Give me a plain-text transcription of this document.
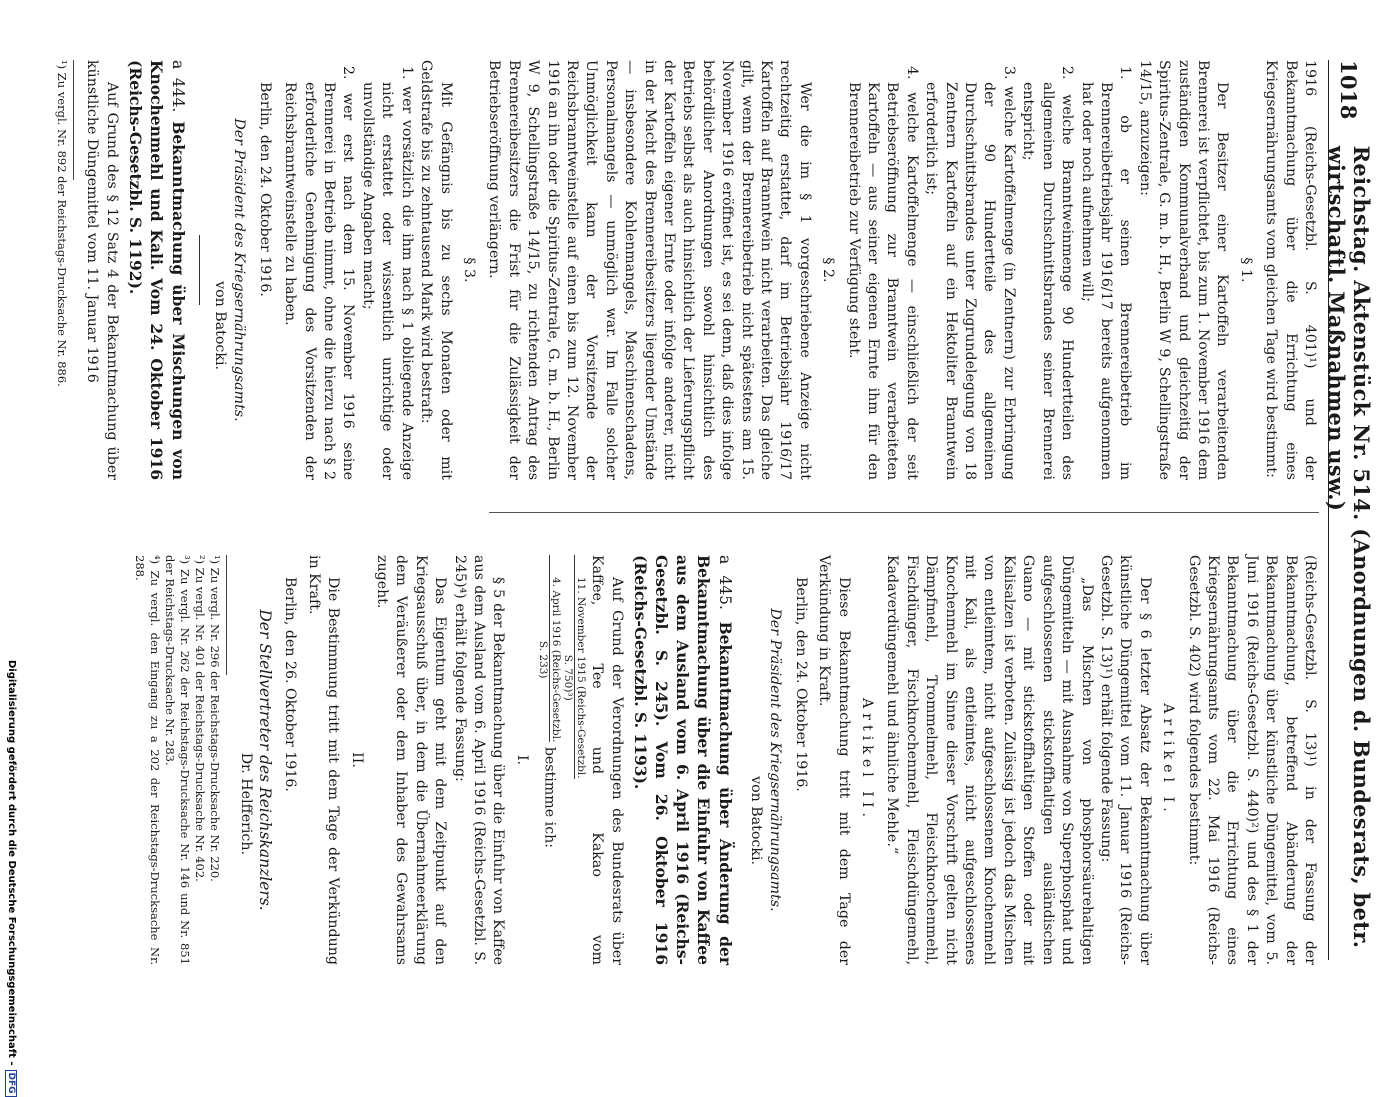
1018
Reichstag. Aktenstück Nr. 514. (Anordnungen d. Bundesrats, betr. wirtschaftl. Maßnahmen usw.)

1916 (Reichs-Gesetzbl. S. 401)¹) und der Bekanntmachung über die Errichtung eines Kriegsernährungsamts vom gleichen Tage wird bestimmt:

§ 1.

Der Besitzer einer Kartoffeln verarbeitenden Brennerei ist verpflichtet, bis zum 1. November 1916 dem zuständigen Kommunalverband und gleichzeitig der Spiritus-Zentrale, G. m. b. H., Berlin W 9, Schellingstraße 14/15, anzuzeigen:

1. ob er seinen Brennereibetrieb im Brennereibetriebsjahr 1916/17 bereits aufgenommen hat oder noch aufnehmen will;

2. welche Branntweinmenge 90 Hundertteilen des allgemeinen Durchschnittsbrandes seiner Brennerei entspricht;

3. welche Kartoffelmenge (in Zentnern) zur Erbringung der 90 Hundertteile des allgemeinen Durchschnittsbrandes unter Zugrundelegung von 18 Zentnern Kartoffeln auf ein Hektoliter Branntwein erforderlich ist;

4. welche Kartoffelmenge — einschließlich der seit Betriebseröffnung zur Branntwein verarbeiteten Kartoffeln — aus seiner eigenen Ernte ihm für den Brennereibetrieb zur Verfügung steht.

§ 2.

Wer die im § 1 vorgeschriebene Anzeige nicht rechtzeitig erstattet, darf im Betriebsjahr 1916/17 Kartoffeln auf Branntwein nicht verarbeiten. Das gleiche gilt, wenn der Brennereibetrieb nicht spätestens am 15. November 1916 eröffnet ist, es sei denn, daß dies infolge behördlicher Anordnungen sowohl hinsichtlich des Betriebs selbst als auch hinsichtlich der Lieferungspflicht der Kartoffeln eigener Ernte oder infolge anderer, nicht in der Macht des Brennereibesitzers liegender Umstände — insbesondere Kohlenmangels, Maschinenschadens, Personalmangels — unmöglich war. Im Falle solcher Unmöglichkeit kann der Vorsitzende der Reichsbranntweinstelle auf einen bis zum 12. November 1916 an ihn oder die Spiritus-Zentrale, G. m. b. H., Berlin W 9, Schellingstraße 14/15, zu richtenden Antrag des Brennereibesitzers die Frist für die Zulässigkeit der Betriebseröffnung verlängern.

§ 3.

Mit Gefängnis bis zu sechs Monaten oder mit Geldstrafe bis zu zehntausend Mark wird bestraft:

1. wer vorsätzlich die ihm nach § 1 obliegende Anzeige nicht erstattet oder wissentlich unrichtige oder unvollständige Angaben macht;

2. wer erst nach dem 15. November 1916 seine Brennerei in Betrieb nimmt, ohne die hierzu nach § 2 erforderliche Genehmigung des Vorsitzenden der Reichsbranntweinstelle zu haben.

Berlin, den 24. Oktober 1916.

Der Präsident des Kriegsernährungsamts.

von Batocki.

a 444. Bekanntmachung über Mischungen von Knochenmehl und Kali. Vom 24. Oktober 1916 (Reichs-Gesetzbl. S. 1192).

Auf Grund des § 12 Satz 4 der Bekanntmachung über künstliche Düngemittel vom 11. Januar 1916

¹) Zu vergl. Nr. 892 der Reichstags-Drucksache Nr. 886.

(Reichs-Gesetzbl. S. 13)¹) in der Fassung der Bekanntmachung, betreffend Abänderung der Bekanntmachung über künstliche Düngemittel, vom 5. Juni 1916 (Reichs-Gesetzbl. S. 440)²) und des § 1 der Bekanntmachung über die Errichtung eines Kriegsernährungsamts vom 22. Mai 1916 (Reichs-Gesetzbl. S. 402) wird folgendes bestimmt:

Artikel I.

Der § 6 letzter Absatz der Bekanntmachung über künstliche Düngemittel vom 11. Januar 1916 (Reichs-Gesetzbl. S. 13)¹) erhält folgende Fassung:

„Das Mischen von phosphorsäurehaltigen Düngemitteln — mit Ausnahme von Superphosphat und aufgeschlossenen stickstoffhaltigen ausländischen Guano — mit stickstoffhaltigen Stoffen oder mit Kalisalzen ist verboten. Zulässig ist jedoch das Mischen von entleimtem, nicht aufgeschlossenem Knochenmehl mit Kali, als entleimtes, nicht aufgeschlossenes Knochenmehl im Sinne dieser Vorschrift gelten nicht Dämpfmehl, Trommelmehl, Fleischknochenmehl, Fischdünger, Fischknochenmehl, Fleischdüngemehl, Kadaverdüngemehl und ähnliche Mehle.“

Artikel II.

Diese Bekanntmachung tritt mit dem Tage der Verkündung in Kraft.

Berlin, den 24. Oktober 1916.

Der Präsident des Kriegsernährungsamts.

von Batocki.

a 445. Bekanntmachung über Änderung der Bekanntmachung über die Einfuhr von Kaffee aus dem Ausland vom 6. April 1916 (Reichs-Gesetzbl. S. 245). Vom 26. Oktober 1916 (Reichs-Gesetzbl. S. 1193).

Auf Grund der Verordnungen des Bundesrats über Kaffee, Tee und Kakao vom
11. November 1915 (Reichs-Gesetzbl.
S. 750)³)

4. April 1916 (Reichs-Gesetzbl.
S. 233)
bestimme ich:

I.

§ 5 der Bekanntmachung über die Einfuhr von Kaffee aus dem Ausland vom 6. April 1916 (Reichs-Gesetzbl. S. 245)⁴) erhält folgende Fassung:

Das Eigentum geht mit dem Zeitpunkt auf den Kriegsausschuß über, in dem die Übernahmeerklärung dem Veräußerer oder dem Inhaber des Gewahrsams zugeht.

II.

Die Bestimmung tritt mit dem Tage der Verkündung in Kraft.

Berlin, den 26. Oktober 1916.

Der Stellvertreter des Reichskanzlers.

Dr. Helfferich.

¹) Zu vergl. Nr. 296 der Reichstags-Drucksache Nr. 220.

²) Zu vergl. Nr. 401 der Reichstags-Drucksache Nr. 402.

³) Zu vergl. Nr. 262 der Reichstags-Drucksache Nr. 146 und Nr. 851 der Reichstags-Drucksache Nr. 283.

⁴) Zu vergl. den Eingang zu a 202 der Reichstags-Drucksache Nr. 288.

Digitalisierung gefördert durch die Deutsche Forschungsgemeinschaft -DFG
